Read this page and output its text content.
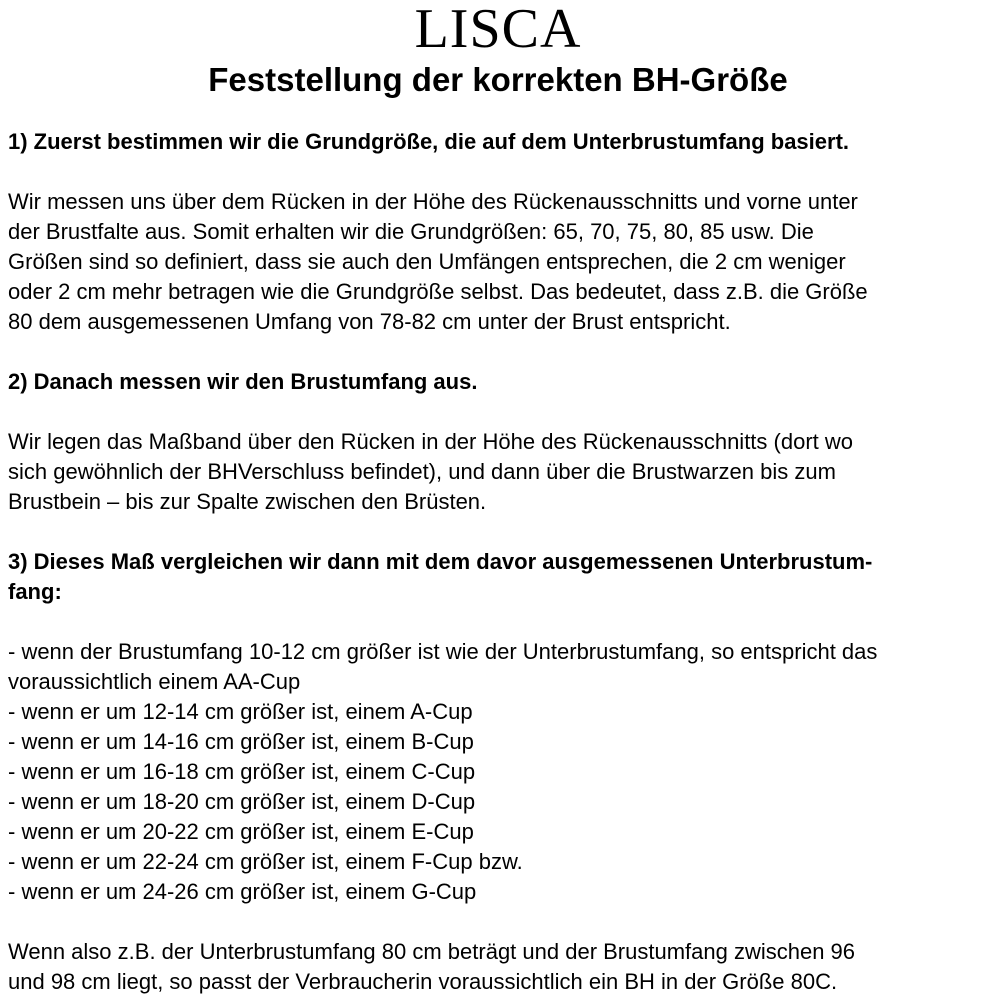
LISCA
Feststellung der korrekten BH-Größe

1) Zuerst bestimmen wir die Grundgröße, die auf dem Unterbrustumfang basiert.

Wir messen uns über dem Rücken in der Höhe des Rückenausschnitts und vorne unter
der Brustfalte aus. Somit erhalten wir die Grundgrößen: 65, 70, 75, 80, 85 usw. Die
Größen sind so definiert, dass sie auch den Umfängen entsprechen, die 2 cm weniger
oder 2 cm mehr betragen wie die Grundgröße selbst. Das bedeutet, dass z.B. die Größe
80 dem ausgemessenen Umfang von 78-82 cm unter der Brust entspricht.

2) Danach messen wir den Brustumfang aus.

Wir legen das Maßband über den Rücken in der Höhe des Rückenausschnitts (dort wo
sich gewöhnlich der BHVerschluss befindet), und dann über die Brustwarzen bis zum
Brustbein – bis zur Spalte zwischen den Brüsten.

3) Dieses Maß vergleichen wir dann mit dem davor ausgemessenen Unterbrustum-
fang:

- wenn der Brustumfang 10-12 cm größer ist wie der Unterbrustumfang, so entspricht das
voraussichtlich einem AA-Cup
- wenn er um 12-14 cm größer ist, einem A-Cup
- wenn er um 14-16 cm größer ist, einem B-Cup
- wenn er um 16-18 cm größer ist, einem C-Cup
- wenn er um 18-20 cm größer ist, einem D-Cup
- wenn er um 20-22 cm größer ist, einem E-Cup
- wenn er um 22-24 cm größer ist, einem F-Cup bzw.
- wenn er um 24-26 cm größer ist, einem G-Cup

Wenn also z.B. der Unterbrustumfang 80 cm beträgt und der Brustumfang zwischen 96
und 98 cm liegt, so passt der Verbraucherin voraussichtlich ein BH in der Größe 80C.
